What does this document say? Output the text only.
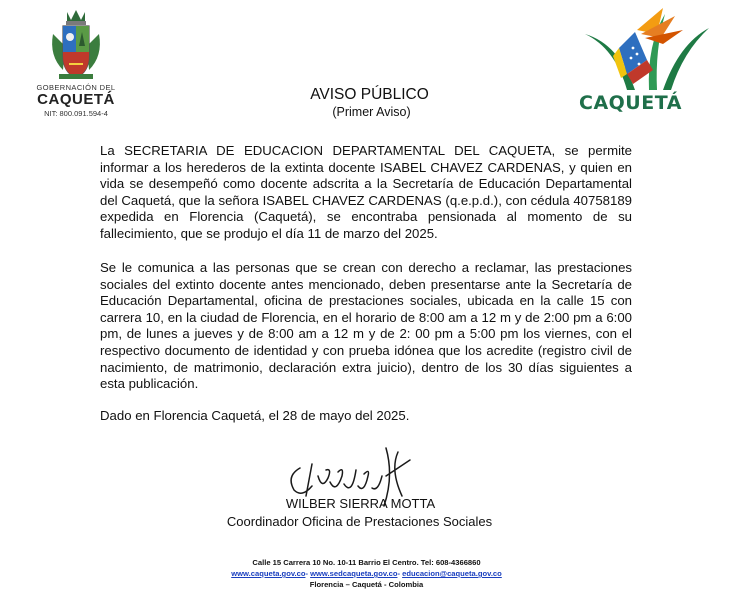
GOBERNACIÓN DEL
CAQUETÁ
NIT: 800.091.594-4	CAQUETÁ
AVISO PÚBLICO
(Primer Aviso)
La SECRETARIA DE EDUCACION DEPARTAMENTAL DEL CAQUETA, se permite informar a los herederos de la extinta docente ISABEL CHAVEZ CARDENAS, y quien en vida se desempeñó como docente adscrita a la Secretaría de Educación Departamental del Caquetá, que la señora ISABEL CHAVEZ CARDENAS (q.e.p.d.), con cédula 40758189 expedida en Florencia (Caquetá), se encontraba pensionada al momento de su fallecimiento, que se produjo el día 11 de marzo del 2025.
Se le comunica a las personas que se crean con derecho a reclamar, las prestaciones sociales del extinto docente antes mencionado, deben presentarse ante la Secretaría de Educación Departamental, oficina de prestaciones sociales, ubicada en la calle 15 con carrera 10, en la ciudad de Florencia, en el horario de 8:00 am a 12 m y de 2:00 pm a 6:00 pm, de lunes a jueves y de 8:00 am a 12 m y de 2: 00 pm a 5:00 pm los viernes, con el respectivo documento de identidad y con prueba idónea que los acredite (registro civil de nacimiento, de matrimonio, declaración extra juicio), dentro de los 30 días siguientes a esta publicación.
Dado en Florencia Caquetá, el 28 de mayo del 2025.
WILBER SIERRA MOTTA
Coordinador Oficina de Prestaciones Sociales
Calle 15 Carrera 10 No. 10-11 Barrio El Centro. Tel: 608-4366860
www.caqueta.gov.co- www.sedcaqueta.gov.co- educacion@caqueta.gov.co
Florencia – Caquetá - Colombia
